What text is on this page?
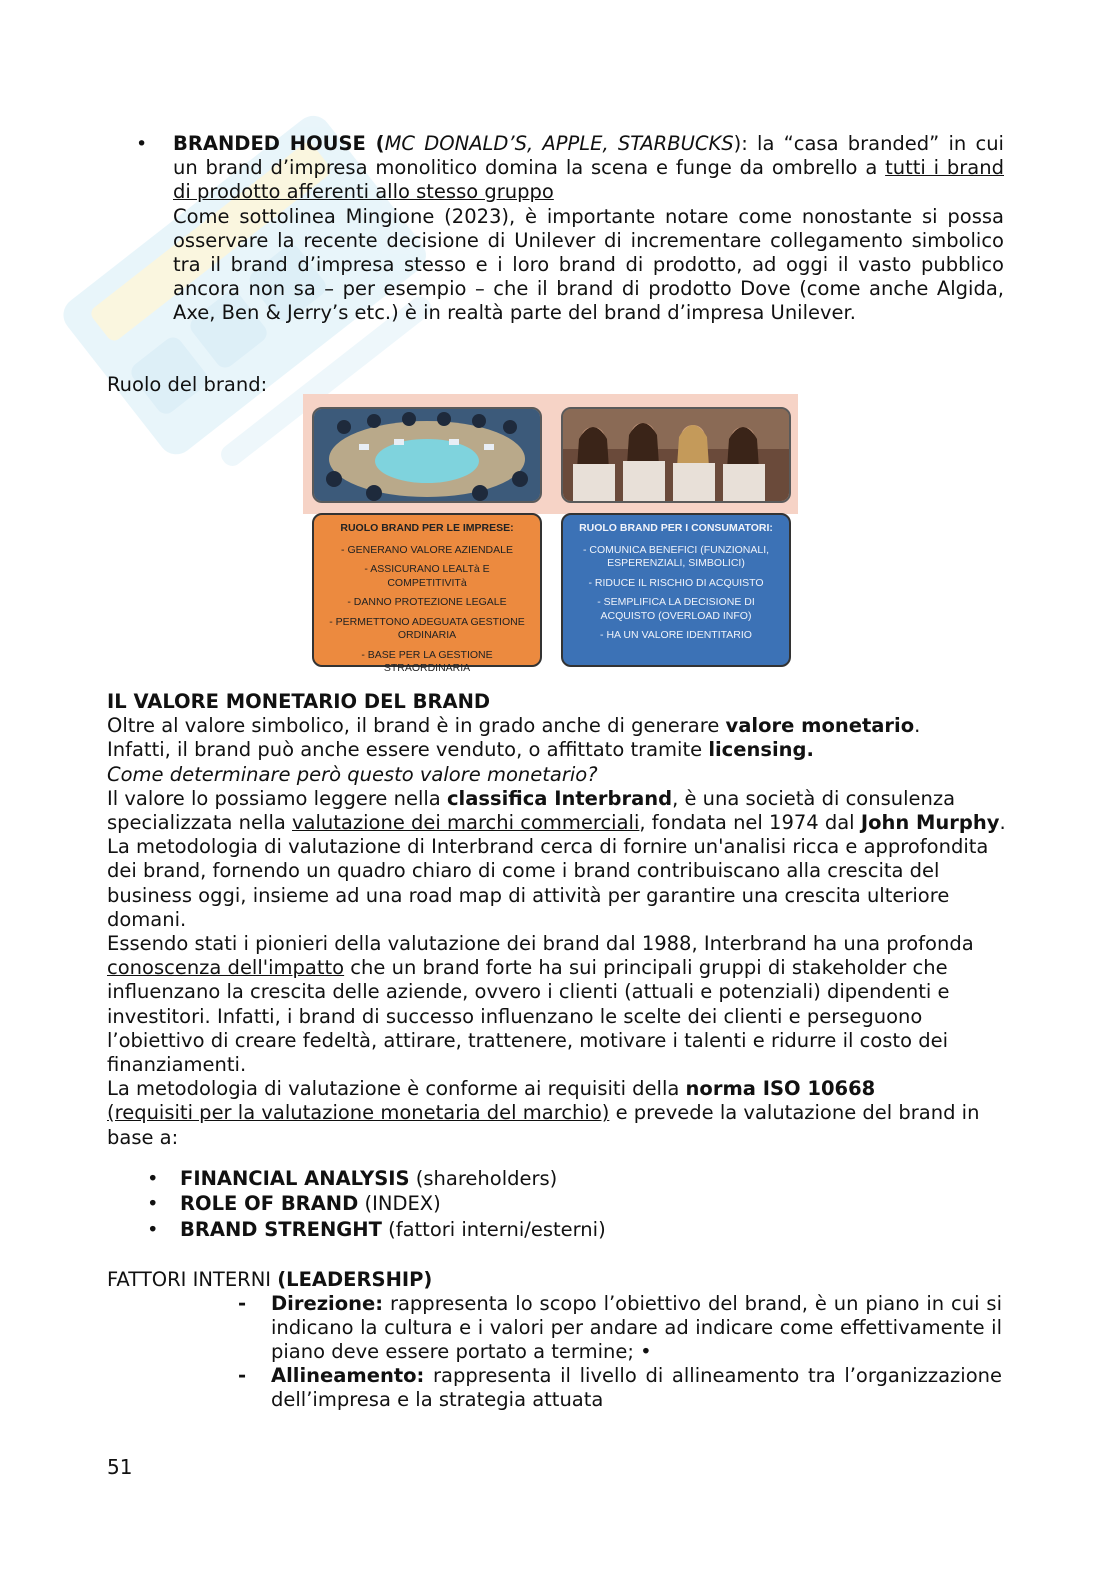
• BRANDED HOUSE (MC DONALD’S, APPLE, STARBUCKS): la “casa branded” in cui un brand d’impresa monolitico domina la scena e funge da ombrello a tutti i brand di prodotto afferenti allo stesso gruppo

Come sottolinea Mingione (2023), è importante notare come nonostante si possa osservare la recente decisione di Unilever di incrementare collegamento simbolico tra il brand d’impresa stesso e i loro brand di prodotto, ad oggi il vasto pubblico ancora non sa – per esempio – che il brand di prodotto Dove (come anche Algida, Axe, Ben & Jerry’s etc.) è in realtà parte del brand d’impresa Unilever.

Ruolo del brand:
RUOLO BRAND PER LE IMPRESE:
- GENERANO VALORE AZIENDALE
- ASSICURANO LEALTà E COMPETITIVITà
- DANNO PROTEZIONE LEGALE
- PERMETTONO ADEGUATA GESTIONE ORDINARIA
- BASE PER LA GESTIONE STRAORDINARIA
RUOLO BRAND PER I CONSUMATORI:
- COMUNICA BENEFICI (FUNZIONALI, ESPERENZIALI, SIMBOLICI)
- RIDUCE IL RISCHIO DI ACQUISTO
- SEMPLIFICA LA DECISIONE DI ACQUISTO (OVERLOAD INFO)
- HA UN VALORE IDENTITARIO

IL VALORE MONETARIO DEL BRAND

Oltre al valore simbolico, il brand è in grado anche di generare valore monetario.

Infatti, il brand può anche essere venduto, o affittato tramite licensing.

Come determinare però questo valore monetario?

Il valore lo possiamo leggere nella classifica Interbrand, è una società di consulenza specializzata nella valutazione dei marchi commerciali, fondata nel 1974 dal John Murphy.

La metodologia di valutazione di Interbrand cerca di fornire un'analisi ricca e approfondita dei brand, fornendo un quadro chiaro di come i brand contribuiscano alla crescita del business oggi, insieme ad una road map di attività per garantire una crescita ulteriore domani.

Essendo stati i pionieri della valutazione dei brand dal 1988, Interbrand ha una profonda conoscenza dell'impatto che un brand forte ha sui principali gruppi di stakeholder che influenzano la crescita delle aziende, ovvero i clienti (attuali e potenziali) dipendenti e investitori. Infatti, i brand di successo influenzano le scelte dei clienti e perseguono l’obiettivo di creare fedeltà, attirare, trattenere, motivare i talenti e ridurre il costo dei finanziamenti.

La metodologia di valutazione è conforme ai requisiti della norma ISO 10668
(requisiti per la valutazione monetaria del marchio) e prevede la valutazione del brand in base a:

• FINANCIAL ANALYSIS (shareholders)
• ROLE OF BRAND (INDEX)
• BRAND STRENGHT (fattori interni/esterni)
FATTORI INTERNI (LEADERSHIP)
- Direzione: rappresenta lo scopo l’obiettivo del brand, è un piano in cui si indicano la cultura e i valori per andare ad indicare come effettivamente il piano deve essere portato a termine; •
- Allineamento: rappresenta il livello di allineamento tra l’organizzazione dell’impresa e la strategia attuata
51
